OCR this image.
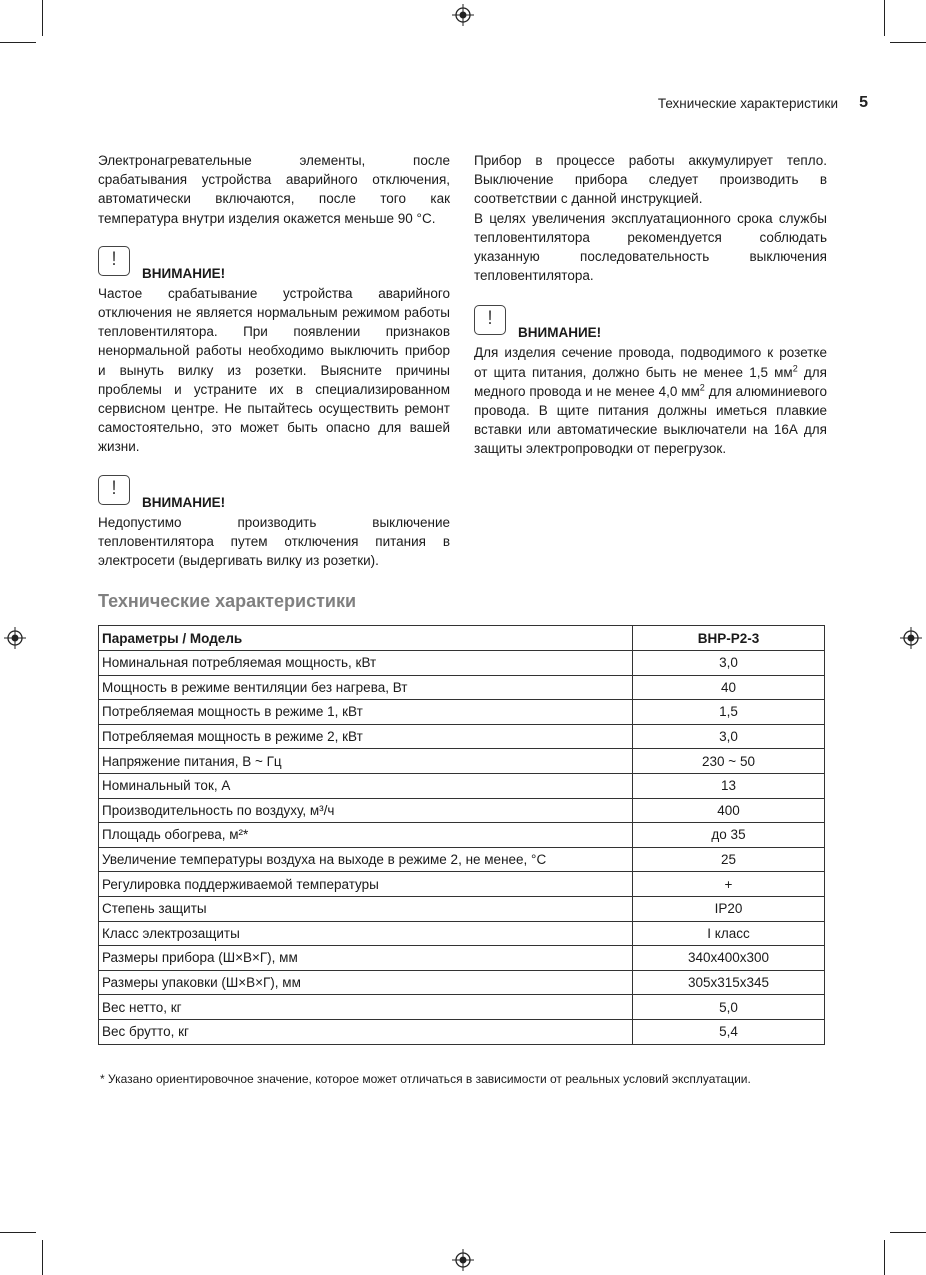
Технические характеристики 5

Электронагревательные элементы, после срабатывания устройства аварийного отключения, автоматически включаются, после того как температура внутри изделия окажется меньше 90 °С.

!
ВНИМАНИЕ!

Частое срабатывание устройства аварийного отключения не является нормальным режимом работы тепловентилятора. При появлении признаков ненормальной работы необходимо выключить прибор и вынуть вилку из розетки. Выясните причины проблемы и устраните их в специализированном сервисном центре. Не пытайтесь осуществить ремонт самостоятельно, это может быть опасно для вашей жизни.

!
ВНИМАНИЕ!

Недопустимо производить выключение тепловентилятора путем отключения питания в электросети (выдергивать вилку из розетки).

Прибор в процессе работы аккумулирует тепло. Выключение прибора следует производить в соответствии с данной инструкцией.

В целях увеличения эксплуатационного срока службы тепловентилятора рекомендуется соблюдать указанную последовательность выключения тепловентилятора.

!
ВНИМАНИЕ!

Для изделия сечение провода, подводимого к розетке от щита питания, должно быть не менее 1,5 $мм^2$ для медного провода и не менее 4,0 $мм^2$ для алюминиевого провода. В щите питания должны иметься плавкие вставки или автоматические выключатели на 16А для защиты электропроводки от перегрузок.

Технические характеристики
Параметры / Модель	BHP-P2-3
Номинальная потребляемая мощность, кВт	3,0
Мощность в режиме вентиляции без нагрева, Вт	40
Потребляемая мощность в режиме 1, кВт	1,5
Потребляемая мощность в режиме 2, кВт	3,0
Напряжение питания, В ~ Гц	230 ~ 50
Номинальный ток, А	13
Производительность по воздуху, м³/ч	400
Площадь обогрева, м²*	до 35
Увеличение температуры воздуха на выходе в режиме 2, не менее, °С	25
Регулировка поддерживаемой температуры	+
Степень защиты	IP20
Класс электрозащиты	I класс
Размеры прибора (Ш×В×Г), мм	340х400х300
Размеры упаковки (Ш×В×Г), мм	305х315х345
Вес нетто, кг	5,0
Вес брутто, кг	5,4
* Указано ориентировочное значение, которое может отличаться в зависимости от реальных условий эксплуатации.
